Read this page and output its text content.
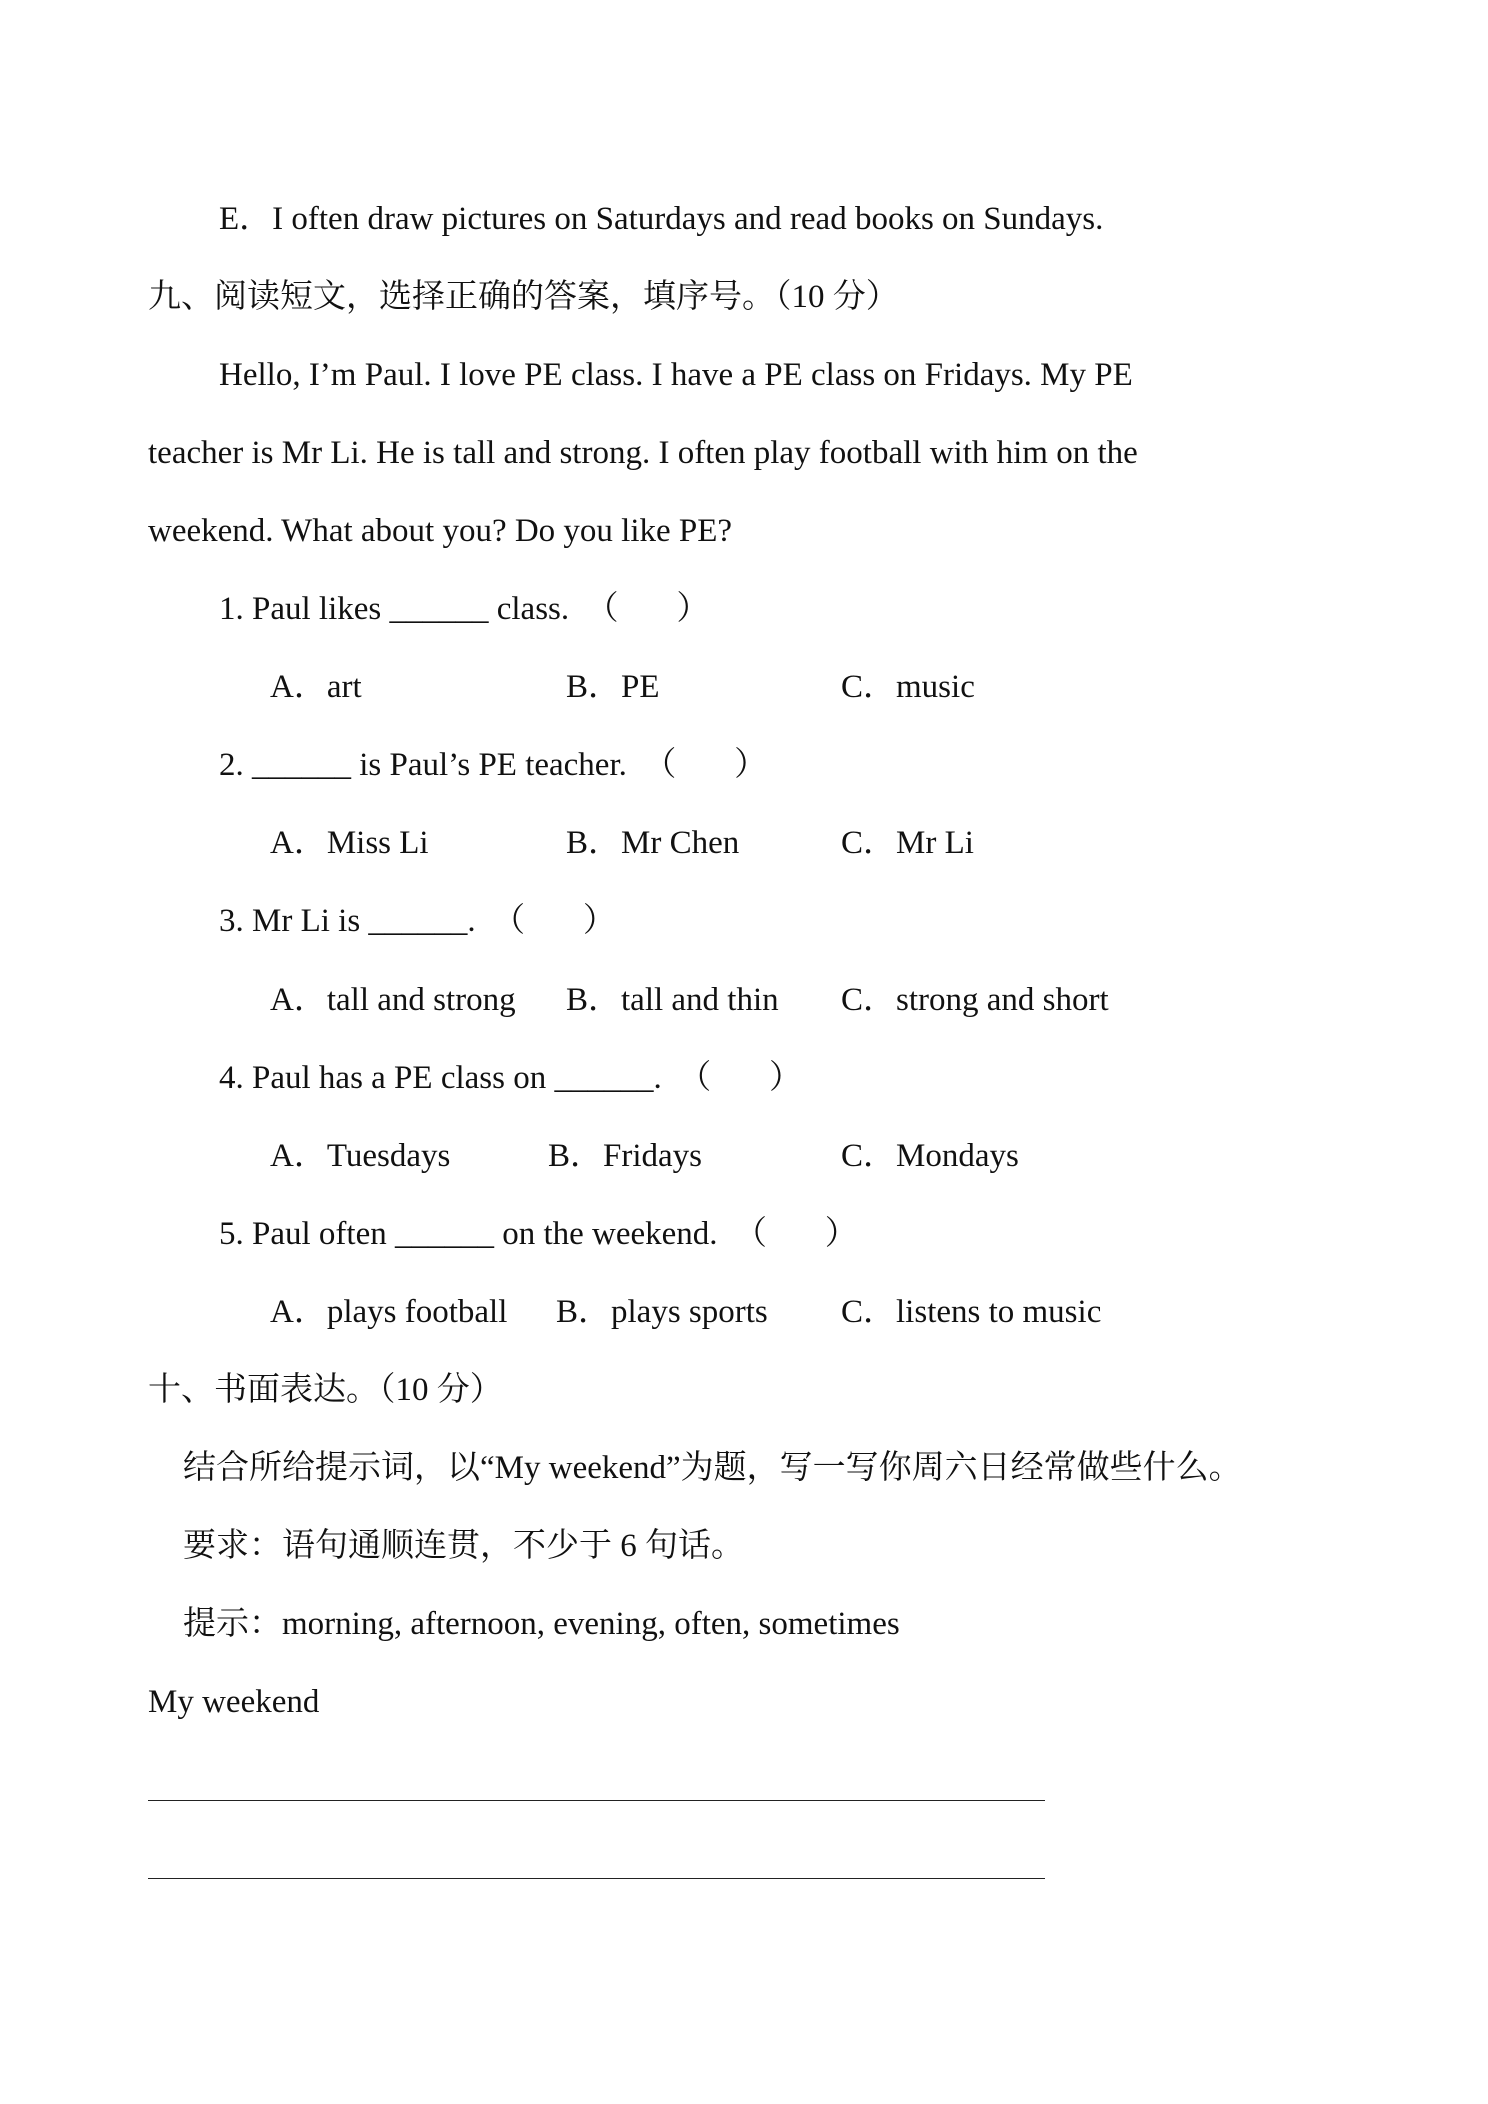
E．I often draw pictures on Saturdays and read books on Sundays.
九、阅读短文，选择正确的答案，填序号。（10 分）
Hello, I’m Paul. I love PE class. I have a PE class on Fridays. My PE
teacher is Mr Li. He is tall and strong. I often play football with him on the
weekend. What about you? Do you like PE?
1. Paul likes ______ class.  （       ）
A．art	B．PE	C．music
2. ______ is Paul’s PE teacher.  （       ）
A．Miss Li	B．Mr Chen	C．Mr Li
3. Mr Li is ______.  （       ）
A．tall and strong B．tall and thin C．strong and short
4. Paul has a PE class on ______.  （       ）
A．Tuesdays	B．Fridays	C．Mondays
5. Paul often ______ on the weekend.  （       ）
A．plays football B．plays sports C．listens to music
十、书面表达。（10 分）
结合所给提示词，以“My weekend”为题，写一写你周六日经常做些什么。
要求：语句通顺连贯，不少于 6 句话。
提示：morning, afternoon, evening, often, sometimes
My weekend
